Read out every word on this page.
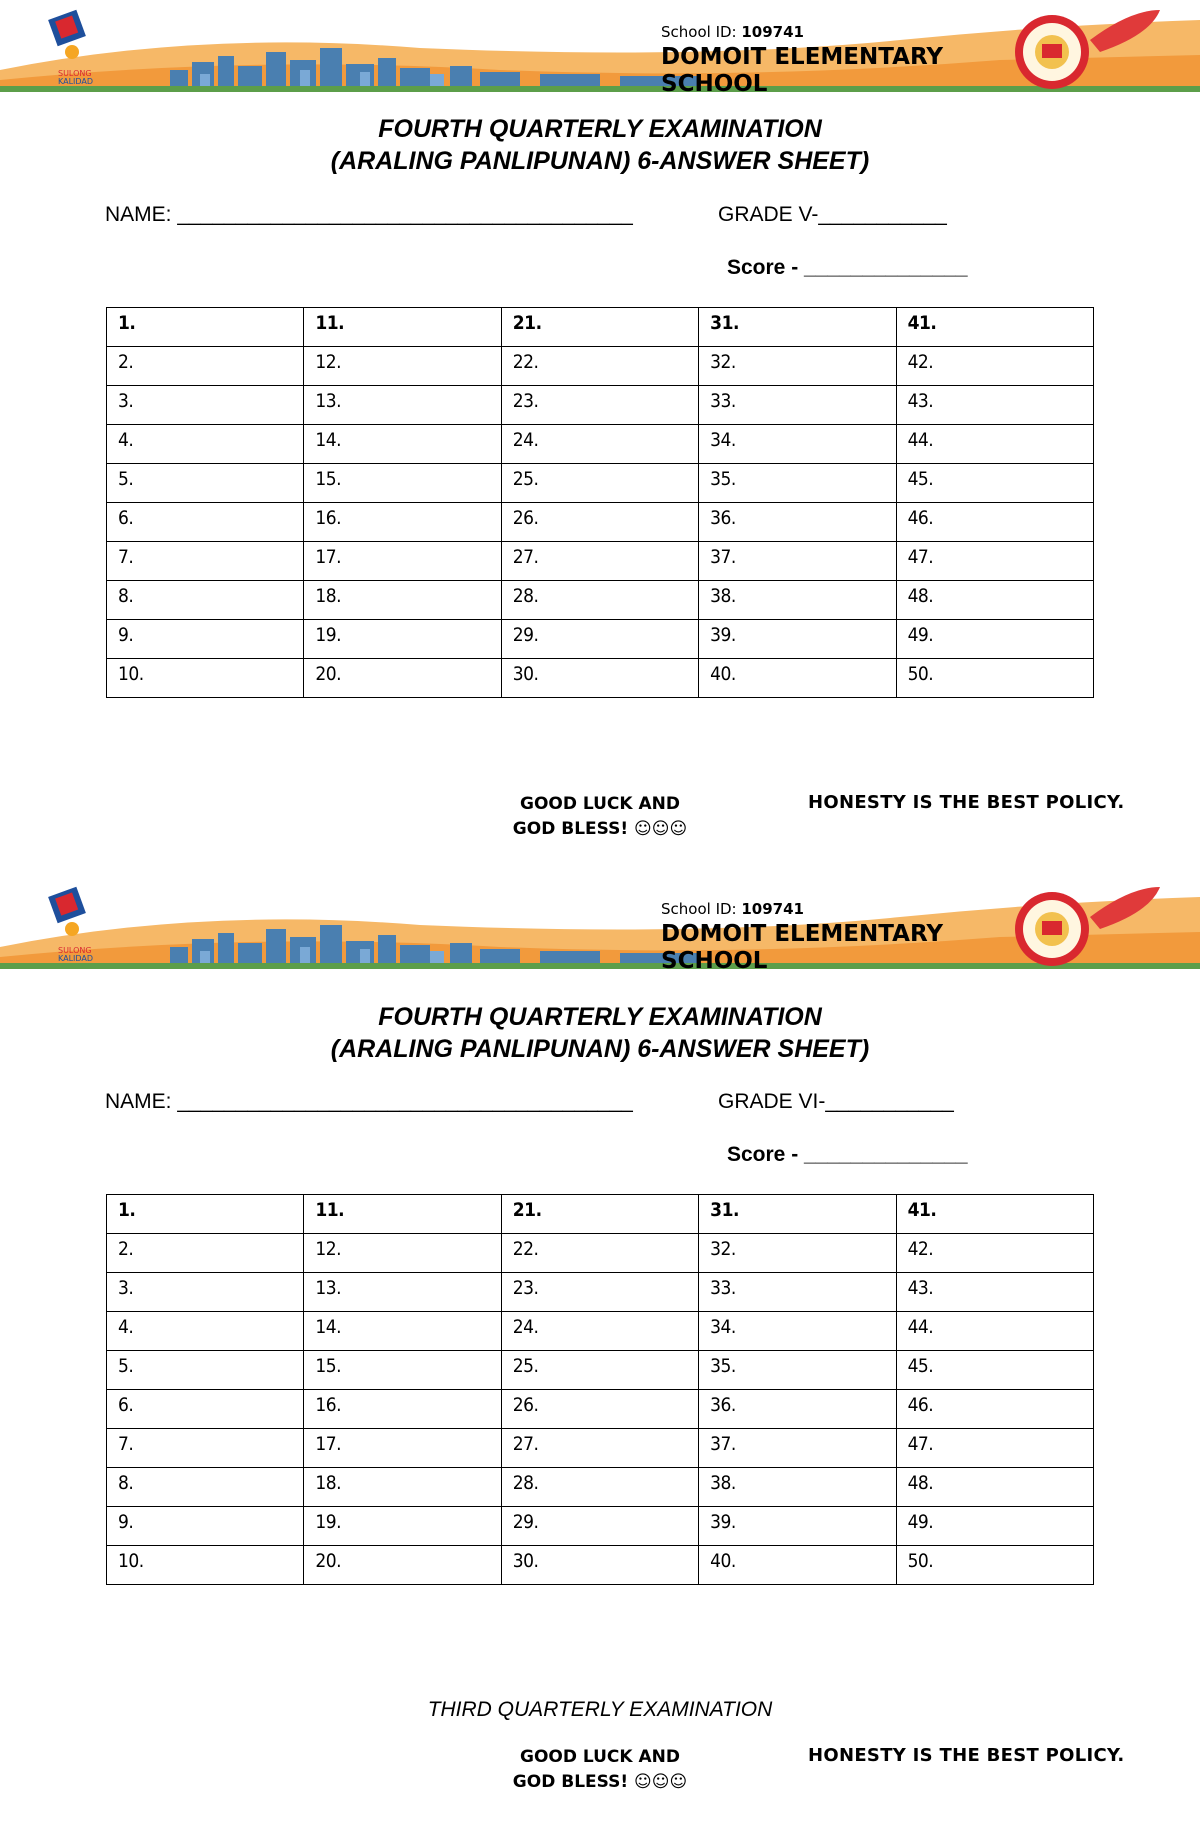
SULONG
KALIDAD
School ID: 109741
DOMOIT ELEMENTARY SCHOOL
FOURTH QUARTERLY EXAMINATION
(ARALING PANLIPUNAN) 6-ANSWER SHEET)
NAME: _______________________________________	GRADE V-___________
Score - ______________
1.	11.	21.	31.	41.
2.	12.	22.	32.	42.
3.	13.	23.	33.	43.
4.	14.	24.	34.	44.
5.	15.	25.	35.	45.
6.	16.	26.	36.	46.
7.	17.	27.	37.	47.
8.	18.	28.	38.	48.
9.	19.	29.	39.	49.
10.	20.	30.	40.	50.
GOOD LUCK AND
GOD BLESS! ☺☺☺
HONESTY IS THE BEST POLICY.
SULONG
KALIDAD
School ID: 109741
DOMOIT ELEMENTARY SCHOOL
FOURTH QUARTERLY EXAMINATION
(ARALING PANLIPUNAN) 6-ANSWER SHEET)
NAME: _______________________________________	GRADE VI-___________
Score - ______________
1.	11.	21.	31.	41.
2.	12.	22.	32.	42.
3.	13.	23.	33.	43.
4.	14.	24.	34.	44.
5.	15.	25.	35.	45.
6.	16.	26.	36.	46.
7.	17.	27.	37.	47.
8.	18.	28.	38.	48.
9.	19.	29.	39.	49.
10.	20.	30.	40.	50.
THIRD QUARTERLY EXAMINATION
GOOD LUCK AND
GOD BLESS! ☺☺☺
HONESTY IS THE BEST POLICY.
